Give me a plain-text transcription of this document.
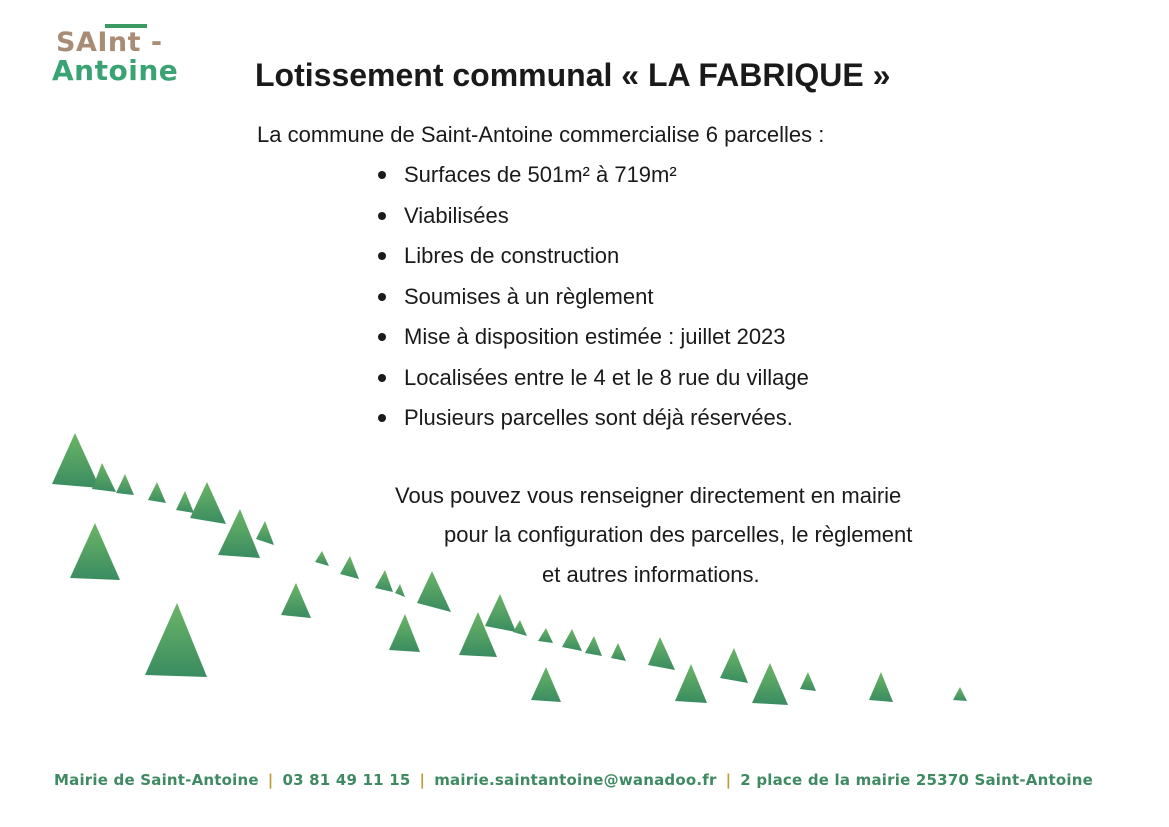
SAInt -
Antoine Lotissement communal « LA FABRIQUE »
La commune de Saint-Antoine commercialise 6 parcelles :
Surfaces de 501m² à 719m²
Viabilisées
Libres de construction
Soumises à un règlement
Mise à disposition estimée : juillet 2023
Localisées entre le 4 et le 8 rue du village
Plusieurs parcelles sont déjà réservées.
Vous pouvez vous renseigner directement en mairie
pour la configuration des parcelles, le règlement
et autres informations.
Mairie de Saint-Antoine | 03 81 49 11 15 | mairie.saintantoine@wanadoo.fr | 2 place de la mairie 25370 Saint-Antoine
